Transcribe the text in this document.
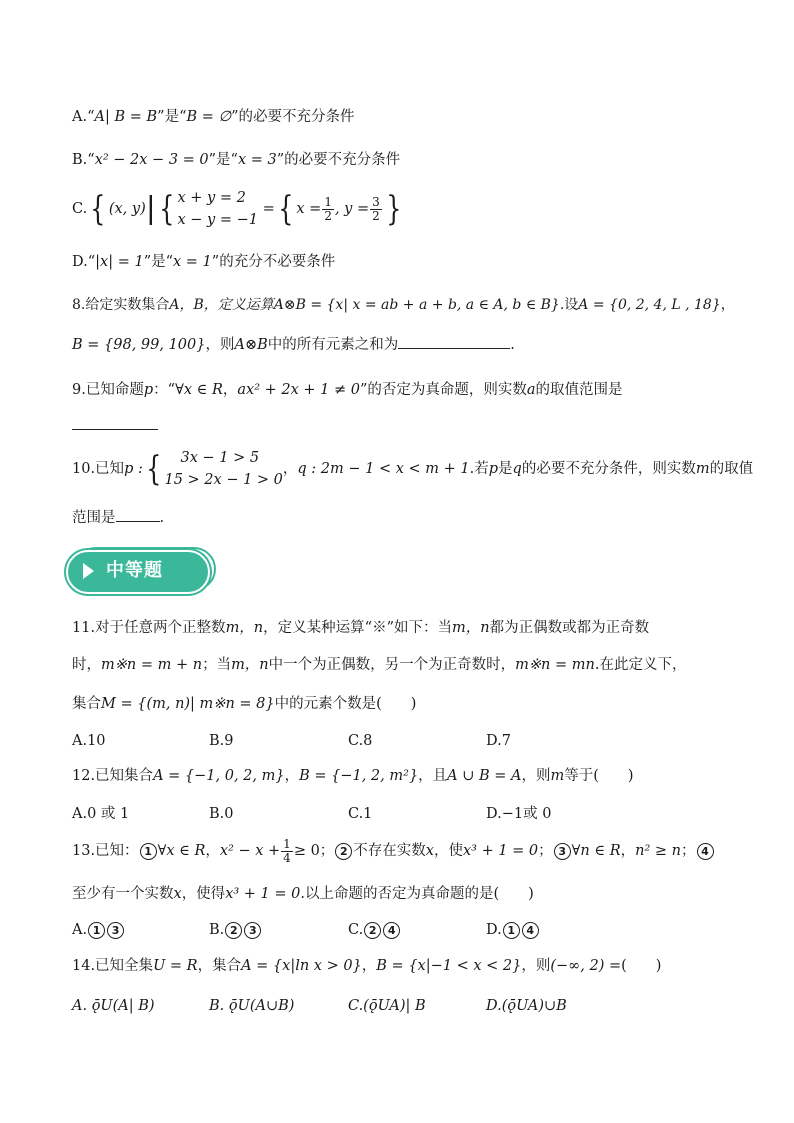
A.“A| B = B”是“B = ∅”的必要不充分条件
B.“x² − 2x − 3 = 0”是“x = 3”的必要不充分条件
C.{ (x, y)|{ x + y = 2
x − y = −1
={ $x = \frac{1}{2}$ , $y = \frac{3}{2}$ }
D.“|x| = 1”是“x = 1”的充分不必要条件
8.给定实数集合A，B，定义运算A⊗B = {x| x = ab + a + b, a ∈ A, b ∈ B}.设A = {0, 2, 4, L , 18}，
B = {98, 99, 100}，则A⊗B中的所有元素之和为	.
9.已知命题p：“∀x ∈ R，ax² + 2x + 1 ≠ 0”的否定为真命题，则实数a的取值范围是
10.已知p :{	3x − 1 > 5
15 > 2x − 1 > 0
，q : 2m − 1 < x < m + 1.若p是q的必要不充分条件，则实数m的取值
范围是	.
中等题
11.对于任意两个正整数m，n，定义某种运算“※”如下：当m，n都为正偶数或都为正奇数
时，m※n = m + n；当m，n中一个为正偶数，另一个为正奇数时，m※n = mn.在此定义下，
集合M = {(m, n)| m※n = 8}中的元素个数是(　　)
A.10	B.9	C.8	D.7
12.已知集合A = {−1, 0, 2, m}，B = {−1, 2, m²}，且A ∪ B = A，则m等于(　　)
A.0 或 1	B.0	C.1	D.−1或 0
13.已知： 1 ∀x ∈ R，$x^2 - x + \frac{1}{4} \ge 0$； 2 不存在实数x，使x³ + 1 = 0； 3 ∀n ∈ R，n² ≥ n； 4
至少有一个实数x，使得x³ + 1 = 0.以上命题的否定为真命题的是(　　)
A. 1 3	B. 2 3	C. 2 4	D. 1 4
14.已知全集U = R，集合A = {x|ln x > 0}，B = {x|−1 < x < 2}，则(−∞, 2) =(　　)
A. ǭU(A| B)	B. ǭU(A∪B)	C.(ǭUA)| B	D.(ǭUA)∪B
